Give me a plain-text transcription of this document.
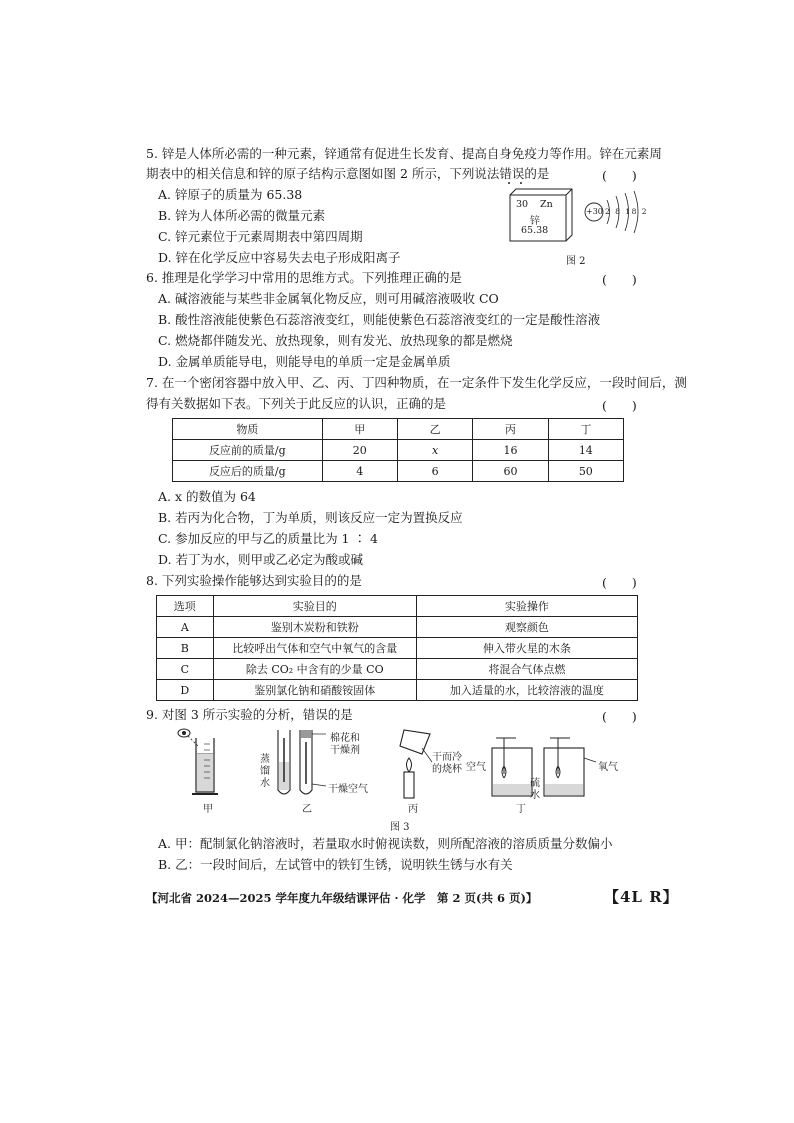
5. 锌是人体所必需的一种元素，锌通常有促进生长发育、提高自身免疫力等作用。锌在元素周
期表中的相关信息和锌的原子结构示意图如图 2 所示，下列说法错误的是	(　　)
A. 锌原子的质量为 65.38
B. 锌为人体所必需的微量元素
C. 锌元素位于元素周期表中第四周期
D. 锌在化学反应中容易失去电子形成阳离子
30 Zn
锌
65.38
+30 2 8 18 2
图 2
6. 推理是化学学习中常用的思维方式。下列推理正确的是	(　　)
A. 碱溶液能与某些非金属氧化物反应，则可用碱溶液吸收 CO
B. 酸性溶液能使紫色石蕊溶液变红，则能使紫色石蕊溶液变红的一定是酸性溶液
C. 燃烧都伴随发光、放热现象，则有发光、放热现象的都是燃烧
D. 金属单质能导电，则能导电的单质一定是金属单质
7. 在一个密闭容器中放入甲、乙、丙、丁四种物质，在一定条件下发生化学反应，一段时间后，测
得有关数据如下表。下列关于此反应的认识，正确的是	(　　)
物质	甲	乙	丙	丁
反应前的质量/g	20	x	16	14
反应后的质量/g	4	6	60	50
A. x 的数值为 64
B. 若丙为化合物，丁为单质，则该反应一定为置换反应
C. 参加反应的甲与乙的质量比为 1 ∶ 4
D. 若丁为水，则甲或乙必定为酸或碱
8. 下列实验操作能够达到实验目的的是	(　　)
选项	实验目的	实验操作
A	鉴别木炭粉和铁粉	观察颜色
B	比较呼出气体和空气中氧气的含量	伸入带火星的木条
C	除去 CO₂ 中含有的少量 CO	将混合气体点燃
D	鉴别氯化钠和硝酸铵固体	加入适量的水，比较溶液的温度
9. 对图 3 所示实验的分析，错误的是	(　　)
甲	乙	丙	丁
棉花和
干燥剂
蒸
馏
水
干燥空气
干而冷
的烧杯 空气
硫
水
氧气
图 3
A. 甲：配制氯化钠溶液时，若量取水时俯视读数，则所配溶液的溶质质量分数偏小
B. 乙：一段时间后，左试管中的铁钉生锈，说明铁生锈与水有关
【河北省 2024—2025 学年度九年级结课评估 · 化学　第 2 页(共 6 页)】	【4L R】
